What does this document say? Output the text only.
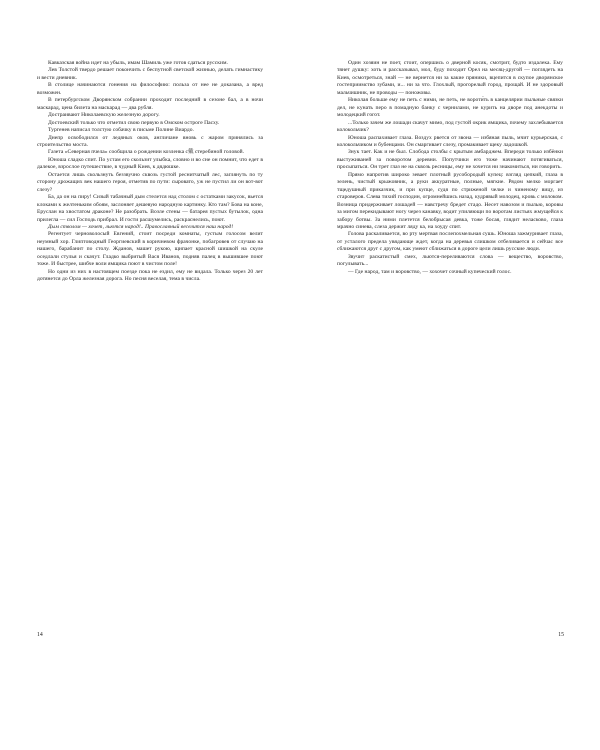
Кавказская война идет на убыль, имам Шамиль уже готов сдаться русским.

Лев Толстой твердо решает покончить с беспутной светской жизнью, делать гимнастику и вести дневник.

В столице начинаются гонения на философию: польза от нее не доказана, а вред возможен.

В петербургском Дворянском собрании проходит последний в сезоне бал, а в ночи маскарад, цена билета на маскарад — два рубля.

Достраивают Николаевскую железную дорогу.

Достоевский только что отметил свою первую в Омском остроге Пасху.

Тургенев написал толстую собачку в письме Полине Виардо.

Днепр освободился от ледяных оков, англичане вновь с жаром принялись за строительство моста.

Газета «Северная пчела» сообщила о рождении козленка с戴 стеребиной головой.

Юноша сладко спит. По устам его скользит улыбка, словно и во сне он помнит, что едет в далекое, взрослое путешествие, в чудный Киев, к дядюшке.

Остается лишь скользнуть беззвучно сквозь густой реснитчатый лес, заглянуть по ту сторону дрожащих век нашего героя, отметив по пути: сыровато, уж не пустил ли он вот-вот слезу?

Ба, да он на пиру! Сизый табачный дым стелется над столом с остатками закусок, вьется клоками к желтеньким обоям, заслоняет дешевую народную картинку. Кто там? Бова на коне, Еруслан на хвостатом драконе? Не разобрать. Возле стены — батарея пустых бутылок, одна прилегла — сил Господь прибрал. И гости расшумелись, раскраснелись, поют.

Дым стволом — хочет, льются народ!.. Православный веселится наш народ!

Регентует черноволосый Евгений, стоит посреди комнаты, густым голосом велит неумный хор. Глиптоводный Георгиевский в коричневом фрачонке, побагровев от случаю на нашего, барабанит по столу. Жданов, машет рукою, щипает красной шишкой на скуле оседлали стулья и скачут. Гладко выбритый Вася Иванов, подняв палец в вышившее поют тоже. И быстрее, шибче воли ямщика поют в чистом поле!

Но одни из них в настоящем поезде пока не ездил, ему не видала. Только через 20 лет дотянется до Орла железная дорога. Но песня веселая, тема в числа.

14

Один хозяин не поет, стоит, опершись о дверной косяк, смотрит, будто издалека. Ему тянет душку: хоть и рассказывал, мол, буду походит Орел на месяц-другой — поглядеть на Киев, осмотреться, знай — не вернется ни за какие пряники, вцепится в скупое дворянское гостеприимство зубами, и... ни за что. Глохлый, прогорелый город, прощай. И не здоровый мальчишник, не проводы — поножовы.

Николая больше ему не петь с ними, не петь, не вороти́ть в канцелярии пыльные связки дел, не кунать перо в помадную банку с чернилами, не курить на дворе под анекдоты и молодецкий гогот.

...Только зачем же лошади скачут мимо, под густой окрик ямщика, почему захлебывается колокольчик?

Юноша распахивает глаза. Воздух рвется от звона — избяная пыль, мчит курьерская, с колокольчиком и бубенцами. Он смаргивает слезу, промакивает щеку ладошкой.

Знук тает. Как и не был. Слобода столбы с крытым амбарджем. Впереди только избёнки выстуживаней за поворотом деревни. Попутчики его тоже начинают потягиваться, просыпаться. Он трет глаз не на сквозь ресницы, ему не хочется ни знакомиться, ни говорить.

Прямо напротив широко зевает плотный русобородый купец: взгляд цепкий, глаза в зелень, чистый крыжовник, а руки аккуратные, полные, мягкие. Рядом мелко моргает тщедушный приказчик, и при купце, судя по стриженой челке и чиненому вицу, из староверов. Слева тихий господин, огромнейшись назад, кудрявый молодец, кровь с молоком. Возница придерживает лошадей — навстречу бредет стадо. Несет навозом и пылью, коровы за мигом перекидывают ногу через канавку, водит упиляющи по воротам листьях жмущейся к забору ботвы. За ними плетется белобрысая девка, тоже босая, глядит неласково, глаза мрачно синева, слеза держит ляду ка, на хоуду спит.

Голова раскаливается, во рту мертвая послепохмельная сушь. Юноша зажмуривает глаза, от усталого предела увядающе ждет, когда на деревья слишком отбеливается и сейчас все сближаются друг с другом, как умеют сближаться в дороге цели лишь русские люди.

Звучит раскатистый смех, льются-переливаются слова — вещество, воровство, погулывать...

— Где народ, там и воровство, — хохочет сочный купеческий голос.

15
